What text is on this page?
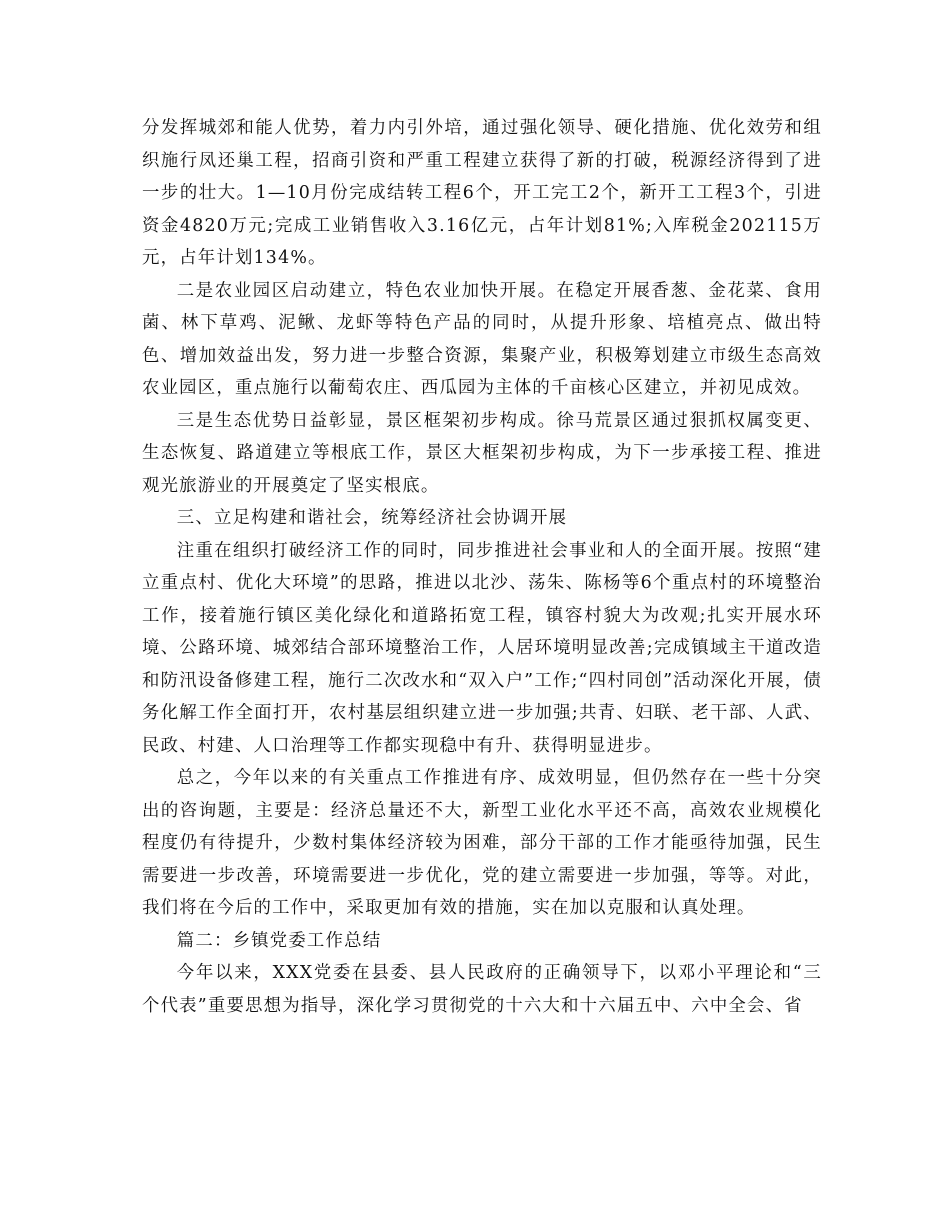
分发挥城郊和能人优势，着力内引外培，通过强化领导、硬化措施、优化效劳和组织施行凤还巢工程，招商引资和严重工程建立获得了新的打破，税源经济得到了进一步的壮大。1—10月份完成结转工程6个，开工完工2个，新开工工程3个，引进资金4820万元;完成工业销售收入3.16亿元，占年计划81%;入库税金202115万元，占年计划134%。

二是农业园区启动建立，特色农业加快开展。在稳定开展香葱、金花菜、食用菌、林下草鸡、泥鳅、龙虾等特色产品的同时，从提升形象、培植亮点、做出特色、增加效益出发，努力进一步整合资源，集聚产业，积极筹划建立市级生态高效农业园区，重点施行以葡萄农庄、西瓜园为主体的千亩核心区建立，并初见成效。

三是生态优势日益彰显，景区框架初步构成。徐马荒景区通过狠抓权属变更、生态恢复、路道建立等根底工作，景区大框架初步构成，为下一步承接工程、推进观光旅游业的开展奠定了坚实根底。

三、立足构建和谐社会，统筹经济社会协调开展

注重在组织打破经济工作的同时，同步推进社会事业和人的全面开展。按照“建立重点村、优化大环境”的思路，推进以北沙、荡朱、陈杨等6个重点村的环境整治工作，接着施行镇区美化绿化和道路拓宽工程，镇容村貌大为改观;扎实开展水环境、公路环境、城郊结合部环境整治工作，人居环境明显改善;完成镇域主干道改造和防汛设备修建工程，施行二次改水和“双入户”工作;“四村同创”活动深化开展，债务化解工作全面打开，农村基层组织建立进一步加强;共青、妇联、老干部、人武、民政、村建、人口治理等工作都实现稳中有升、获得明显进步。

总之，今年以来的有关重点工作推进有序、成效明显，但仍然存在一些十分突出的咨询题，主要是：经济总量还不大，新型工业化水平还不高，高效农业规模化程度仍有待提升，少数村集体经济较为困难，部分干部的工作才能亟待加强，民生需要进一步改善，环境需要进一步优化，党的建立需要进一步加强，等等。对此，我们将在今后的工作中，采取更加有效的措施，实在加以克服和认真处理。

篇二：乡镇党委工作总结

今年以来，XXX党委在县委、县人民政府的正确领导下，以邓小平理论和“三个代表”重要思想为指导，深化学习贯彻党的十六大和十六届五中、六中全会、省
